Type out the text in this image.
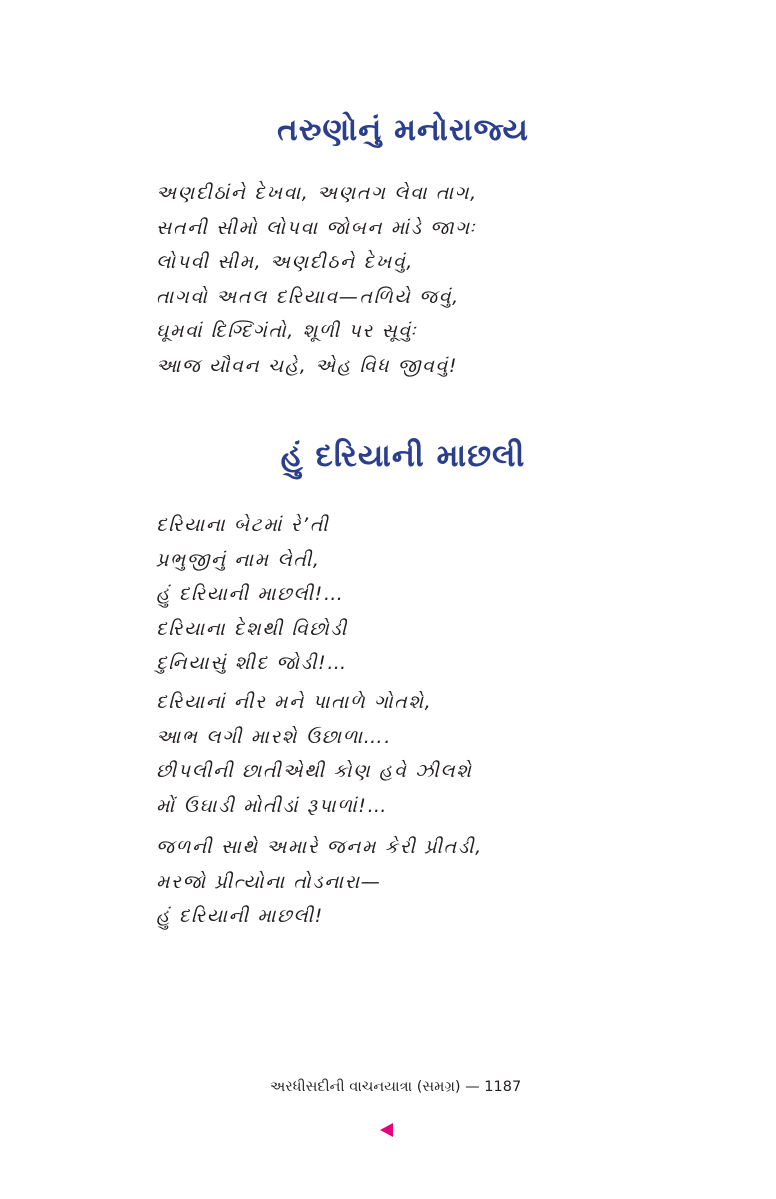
તરુણોનું મનોરાજ્ય
અણદીઠાંને દેખવા, અણતગ લેવા તાગ,
સતની સીમો લોપવા જોબન માંડે જાગઃ
લોપવી સીમ, અણદીઠને દેખવું,
તાગવો અતલ દરિયાવ—તળિયે જવું,
ઘૂમવાં દિગ્દિગંતો, શૂળી પર સૂવુંઃ
આજ યૌવન ચહે, એહ વિધ જીવવું!
હું દરિયાની માછલી
દરિયાના બેટમાં રે’તી
પ્રભુજીનું નામ લેતી,
હું દરિયાની માછલી!…
દરિયાના દેશથી વિછોડી
દુનિયાસું શીદ જોડી!…
દરિયાનાં નીર મને પાતાળે ગોતશે,
આભ લગી મારશે ઉછાળા….
છીપલીની છાતીએથી કોણ હવે ઝીલશે
મોં ઉઘાડી મોતીડાં રૂપાળાં!…
જળની સાથે અમારે જનમ કેરી પ્રીતડી,
મરજો પ્રીત્યોના તોડનારા—
હું દરિયાની માછલી!
અરધીસદીની વાચનયાત્રા (સમગ્ર) — 1187
